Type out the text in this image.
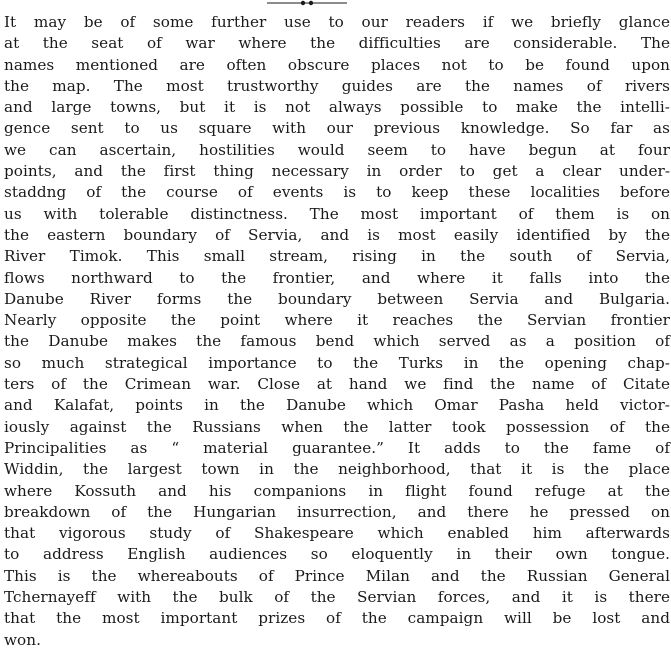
It may be of some further use to our readers if we briefly glance
at the seat of war where the difficulties are considerable. The
names mentioned are often obscure places not to be found upon
the map. The most trustworthy guides are the names of rivers
and large towns, but it is not always possible to make the intelli-
gence sent to us square with our previous knowledge. So far as
we can ascertain, hostilities would seem to have begun at four
points, and the first thing necessary in order to get a clear under-
staddng of the course of events is to keep these localities before
us with tolerable distinctness. The most important of them is on
the eastern boundary of Servia, and is most easily identified by the
River Timok. This small stream, rising in the south of Servia,
flows northward to the frontier, and where it falls into the
Danube River forms the boundary between Servia and Bulgaria.
Nearly opposite the point where it reaches the Servian frontier
the Danube makes the famous bend which served as a position of
so much strategical importance to the Turks in the opening chap-
ters of the Crimean war. Close at hand we find the name of Citate
and Kalafat, points in the Danube which Omar Pasha held victor-
iously against the Russians when the latter took possession of the
Principalities as “ material guarantee.” It adds to the fame of
Widdin, the largest town in the neighborhood, that it is the place
where Kossuth and his companions in flight found refuge at the
breakdown of the Hungarian insurrection, and there he pressed on
that vigorous study of Shakespeare which enabled him afterwards
to address English audiences so eloquently in their own tongue.
This is the whereabouts of Prince Milan and the Russian General
Tchernayeff with the bulk of the Servian forces, and it is there
that the most important prizes of the campaign will be lost and
won.
